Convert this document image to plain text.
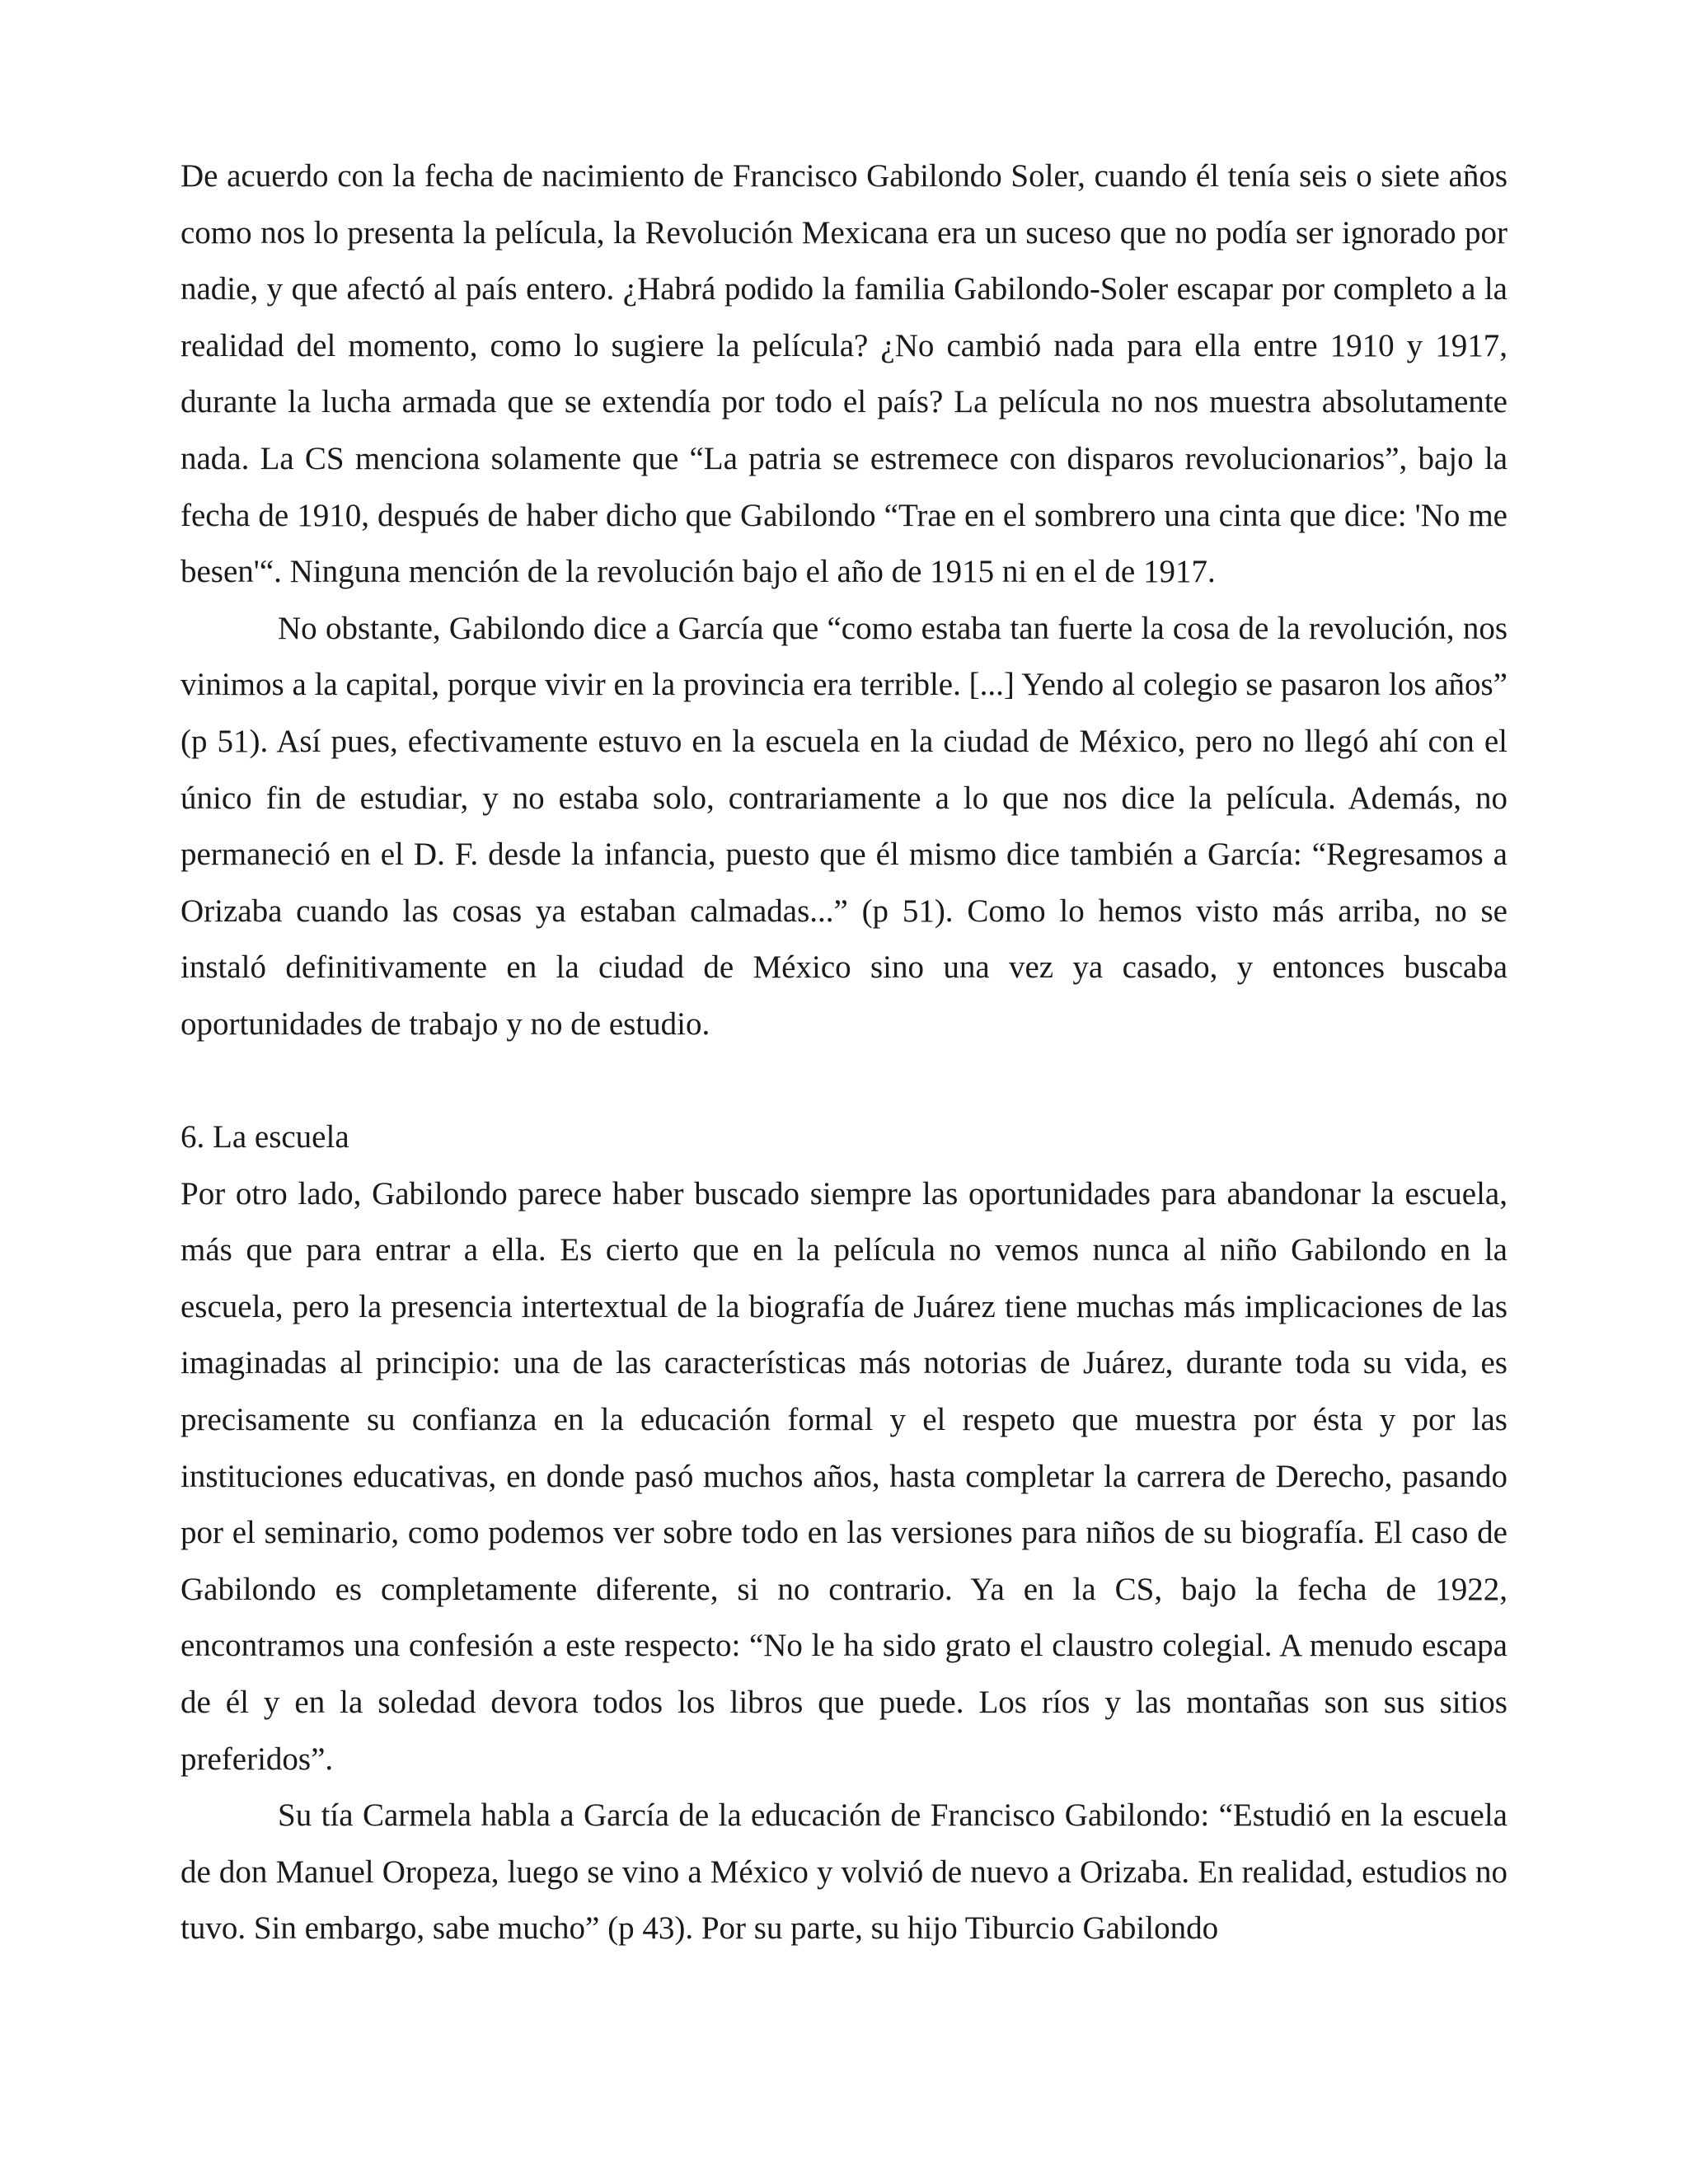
De acuerdo con la fecha de nacimiento de Francisco Gabilondo Soler, cuando él tenía seis o siete años como nos lo presenta la película, la Revolución Mexicana era un suceso que no podía ser ignorado por nadie, y que afectó al país entero. ¿Habrá podido la familia Gabilondo-Soler escapar por completo a la realidad del momento, como lo sugiere la película? ¿No cambió nada para ella entre 1910 y 1917, durante la lucha armada que se extendía por todo el país? La película no nos muestra absolutamente nada. La CS menciona solamente que “La patria se estremece con disparos revolucionarios”, bajo la fecha de 1910, después de haber dicho que Gabilondo “Trae en el sombrero una cinta que dice: 'No me besen'“. Ninguna mención de la revolución bajo el año de 1915 ni en el de 1917.

No obstante, Gabilondo dice a García que “como estaba tan fuerte la cosa de la revolución, nos vinimos a la capital, porque vivir en la provincia era terrible. [...] Yendo al colegio se pasaron los años” (p 51). Así pues, efectivamente estuvo en la escuela en la ciudad de México, pero no llegó ahí con el único fin de estudiar, y no estaba solo, contrariamente a lo que nos dice la película. Además, no permaneció en el D. F. desde la infancia, puesto que él mismo dice también a García: “Regresamos a Orizaba cuando las cosas ya estaban calmadas...” (p 51). Como lo hemos visto más arriba, no se instaló definitivamente en la ciudad de México sino una vez ya casado, y entonces buscaba oportunidades de trabajo y no de estudio.

6. La escuela

Por otro lado, Gabilondo parece haber buscado siempre las oportunidades para abandonar la escuela, más que para entrar a ella. Es cierto que en la película no vemos nunca al niño Gabilondo en la escuela, pero la presencia intertextual de la biografía de Juárez tiene muchas más implicaciones de las imaginadas al principio: una de las características más notorias de Juárez, durante toda su vida, es precisamente su confianza en la educación formal y el respeto que muestra por ésta y por las instituciones educativas, en donde pasó muchos años, hasta completar la carrera de Derecho, pasando por el seminario, como podemos ver sobre todo en las versiones para niños de su biografía. El caso de Gabilondo es completamente diferente, si no contrario. Ya en la CS, bajo la fecha de 1922, encontramos una confesión a este respecto: “No le ha sido grato el claustro colegial. A menudo escapa de él y en la soledad devora todos los libros que puede. Los ríos y las montañas son sus sitios preferidos”.

Su tía Carmela habla a García de la educación de Francisco Gabilondo: “Estudió en la escuela de don Manuel Oropeza, luego se vino a México y volvió de nuevo a Orizaba. En realidad, estudios no tuvo. Sin embargo, sabe mucho” (p 43). Por su parte, su hijo Tiburcio Gabilondo
